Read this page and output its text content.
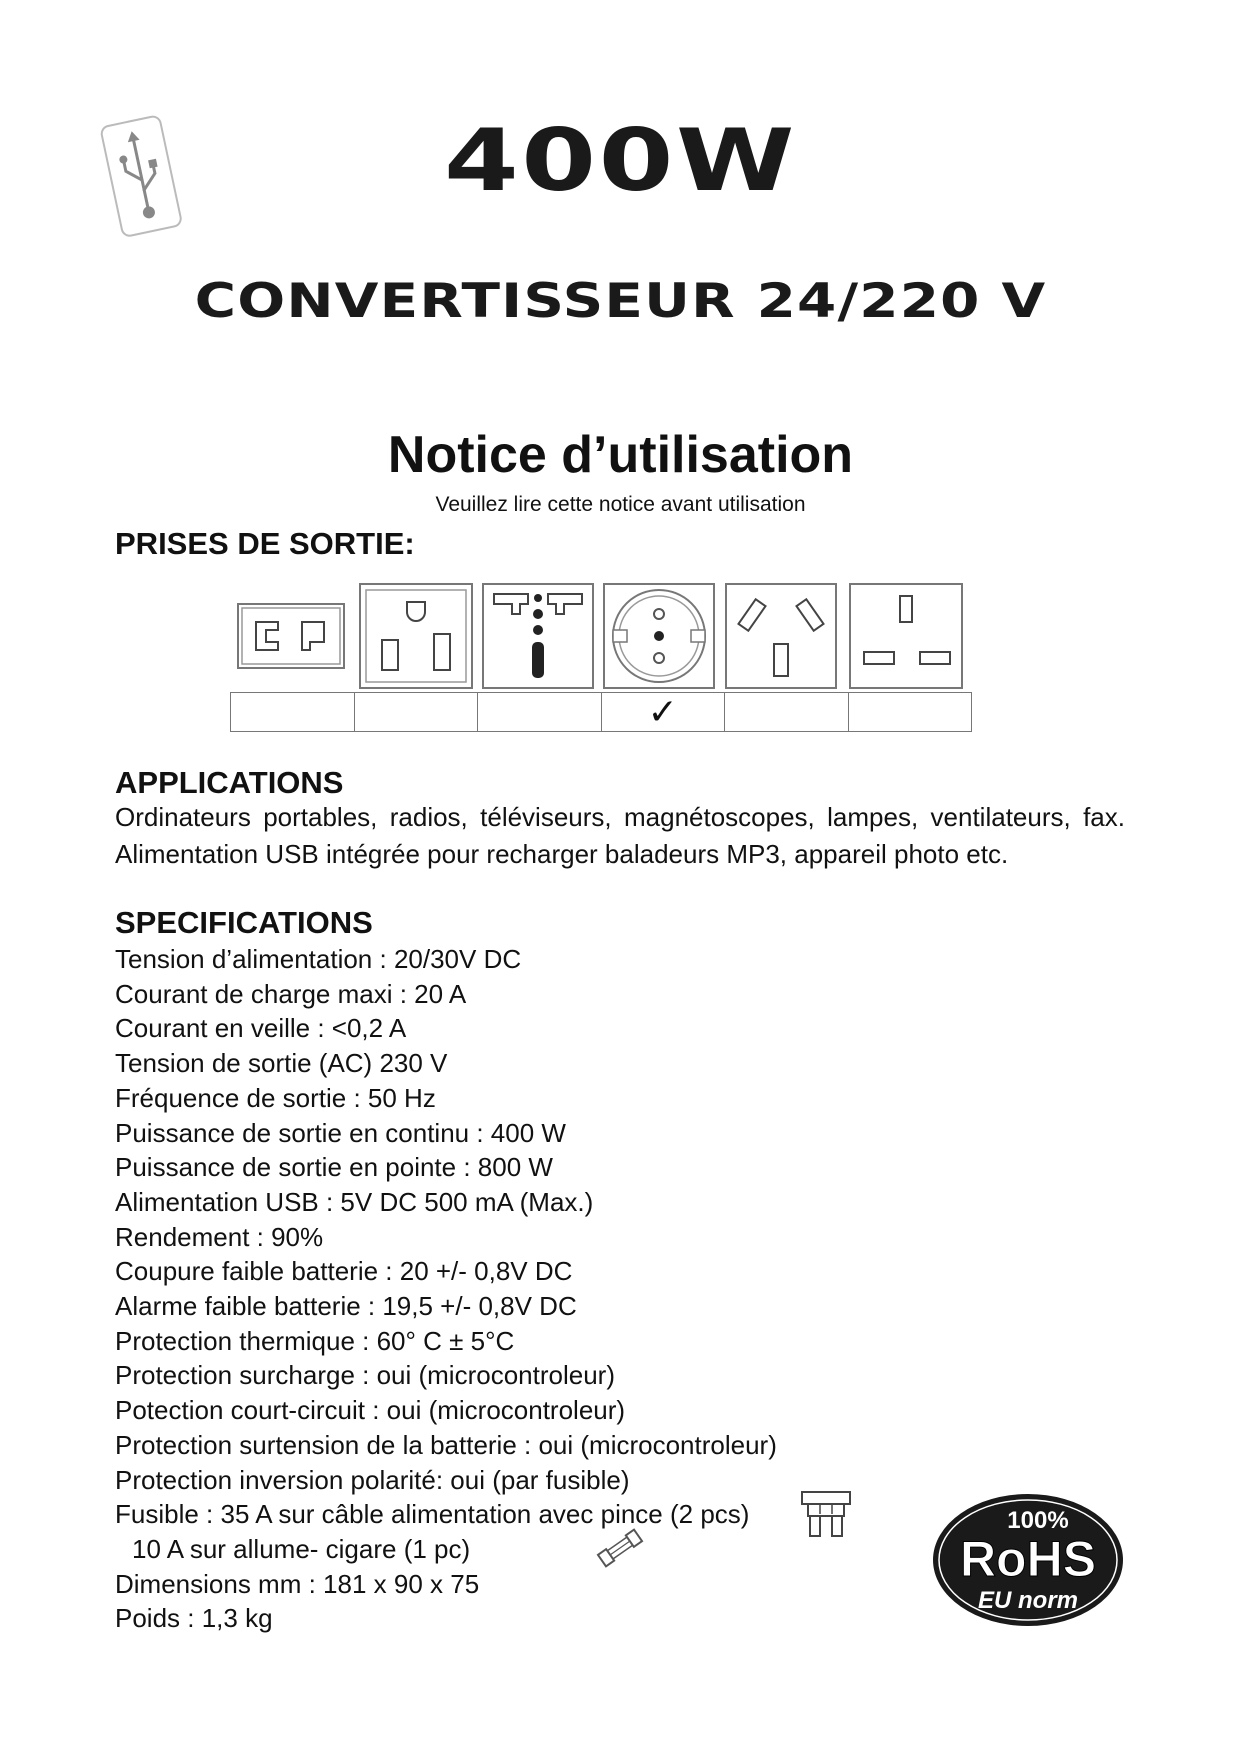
400W
CONVERTISSEUR 24/220 V
Notice d’utilisation
Veuillez lire cette notice avant utilisation
PRISES DE SORTIE:
✓
APPLICATIONS
Ordinateurs portables, radios, téléviseurs, magnétoscopes, lampes, ventilateurs, fax. Alimentation USB intégrée pour recharger baladeurs MP3, appareil photo etc.
SPECIFICATIONS
Tension d’alimentation : 20/30V DC
Courant de charge maxi : 20 A
Courant en veille : <0,2 A
Tension de sortie (AC) 230 V
Fréquence de sortie : 50 Hz
Puissance de sortie en continu : 400 W
Puissance de sortie en pointe : 800 W
Alimentation USB : 5V DC 500 mA (Max.)
Rendement : 90%
Coupure faible batterie : 20 +/- 0,8V DC
Alarme faible batterie : 19,5 +/- 0,8V DC
Protection thermique : 60° C ± 5°C
Protection surcharge : oui (microcontroleur)
Potection court-circuit : oui (microcontroleur)
Protection surtension de la batterie : oui (microcontroleur)
Protection inversion polarité: oui (par fusible)
Fusible : 35 A sur câble alimentation avec pince (2 pcs)
10 A sur allume- cigare (1 pc)
Dimensions mm : 181 x 90 x 75
Poids : 1,3 kg
100%
RoHS
EU norm
